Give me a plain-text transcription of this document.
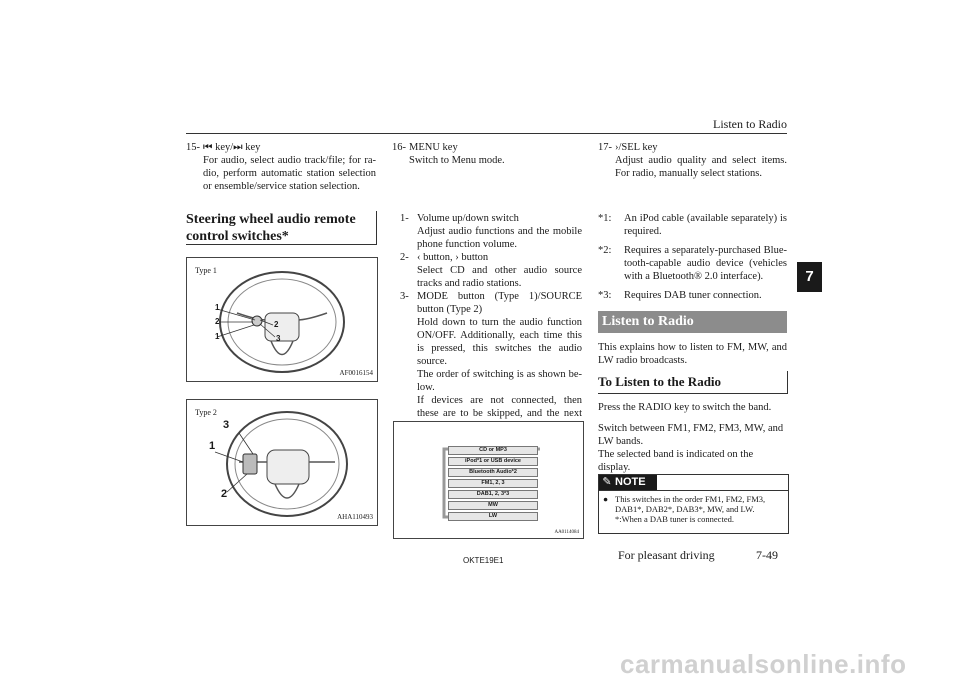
Listen to Radio
7
15- ⏮ key/⏭ key
For audio, select audio track/file; for ra-dio, perform automatic station selection or ensemble/service station selection.
Steering wheel audio remote control switches*
Type 1
1
2
1
2
3
AF0016154
Type 2
3
1
2
AHA110493
16- MENU key
Switch to Menu mode.
1- Volume up/down switch
Adjust audio functions and the mobile phone function volume.
2- ‹ button, › button
Select CD and other audio source tracks and radio stations.
3- MODE button (Type 1)/SOURCE button (Type 2)
Hold down to turn the audio function ON/OFF. Additionally, each time this is pressed, this switches the audio source.
The order of switching is as shown be-low.
If devices are not connected, then these are to be skipped, and the next
CD or MP3
iPod*1 or USB device
Bluetooth Audio*2
FM1, 2, 3
DAB1, 2, 3*3
MW
LW
AA0114084
17- ›/SEL key
Adjust audio quality and select items. For radio, manually select stations.
*1:	An iPod cable (available separately) is required.
*2:	Requires a separately-purchased Blue-tooth-capable audio device (vehicles with a Bluetooth® 2.0 interface).
*3:	Requires DAB tuner connection.
Listen to Radio
This explains how to listen to FM, MW, and LW radio broadcasts.
To Listen to the Radio
Press the RADIO key to switch the band.
Switch between FM1, FM2, FM3, MW, and LW bands.
The selected band is indicated on the display.
✎ NOTE
● This switches in the order FM1, FM2, FM3, DAB1*, DAB2*, DAB3*, MW, and LW.
*:When a DAB tuner is connected.
OKTE19E1	For pleasant driving	7-49
carmanualsonline.info
